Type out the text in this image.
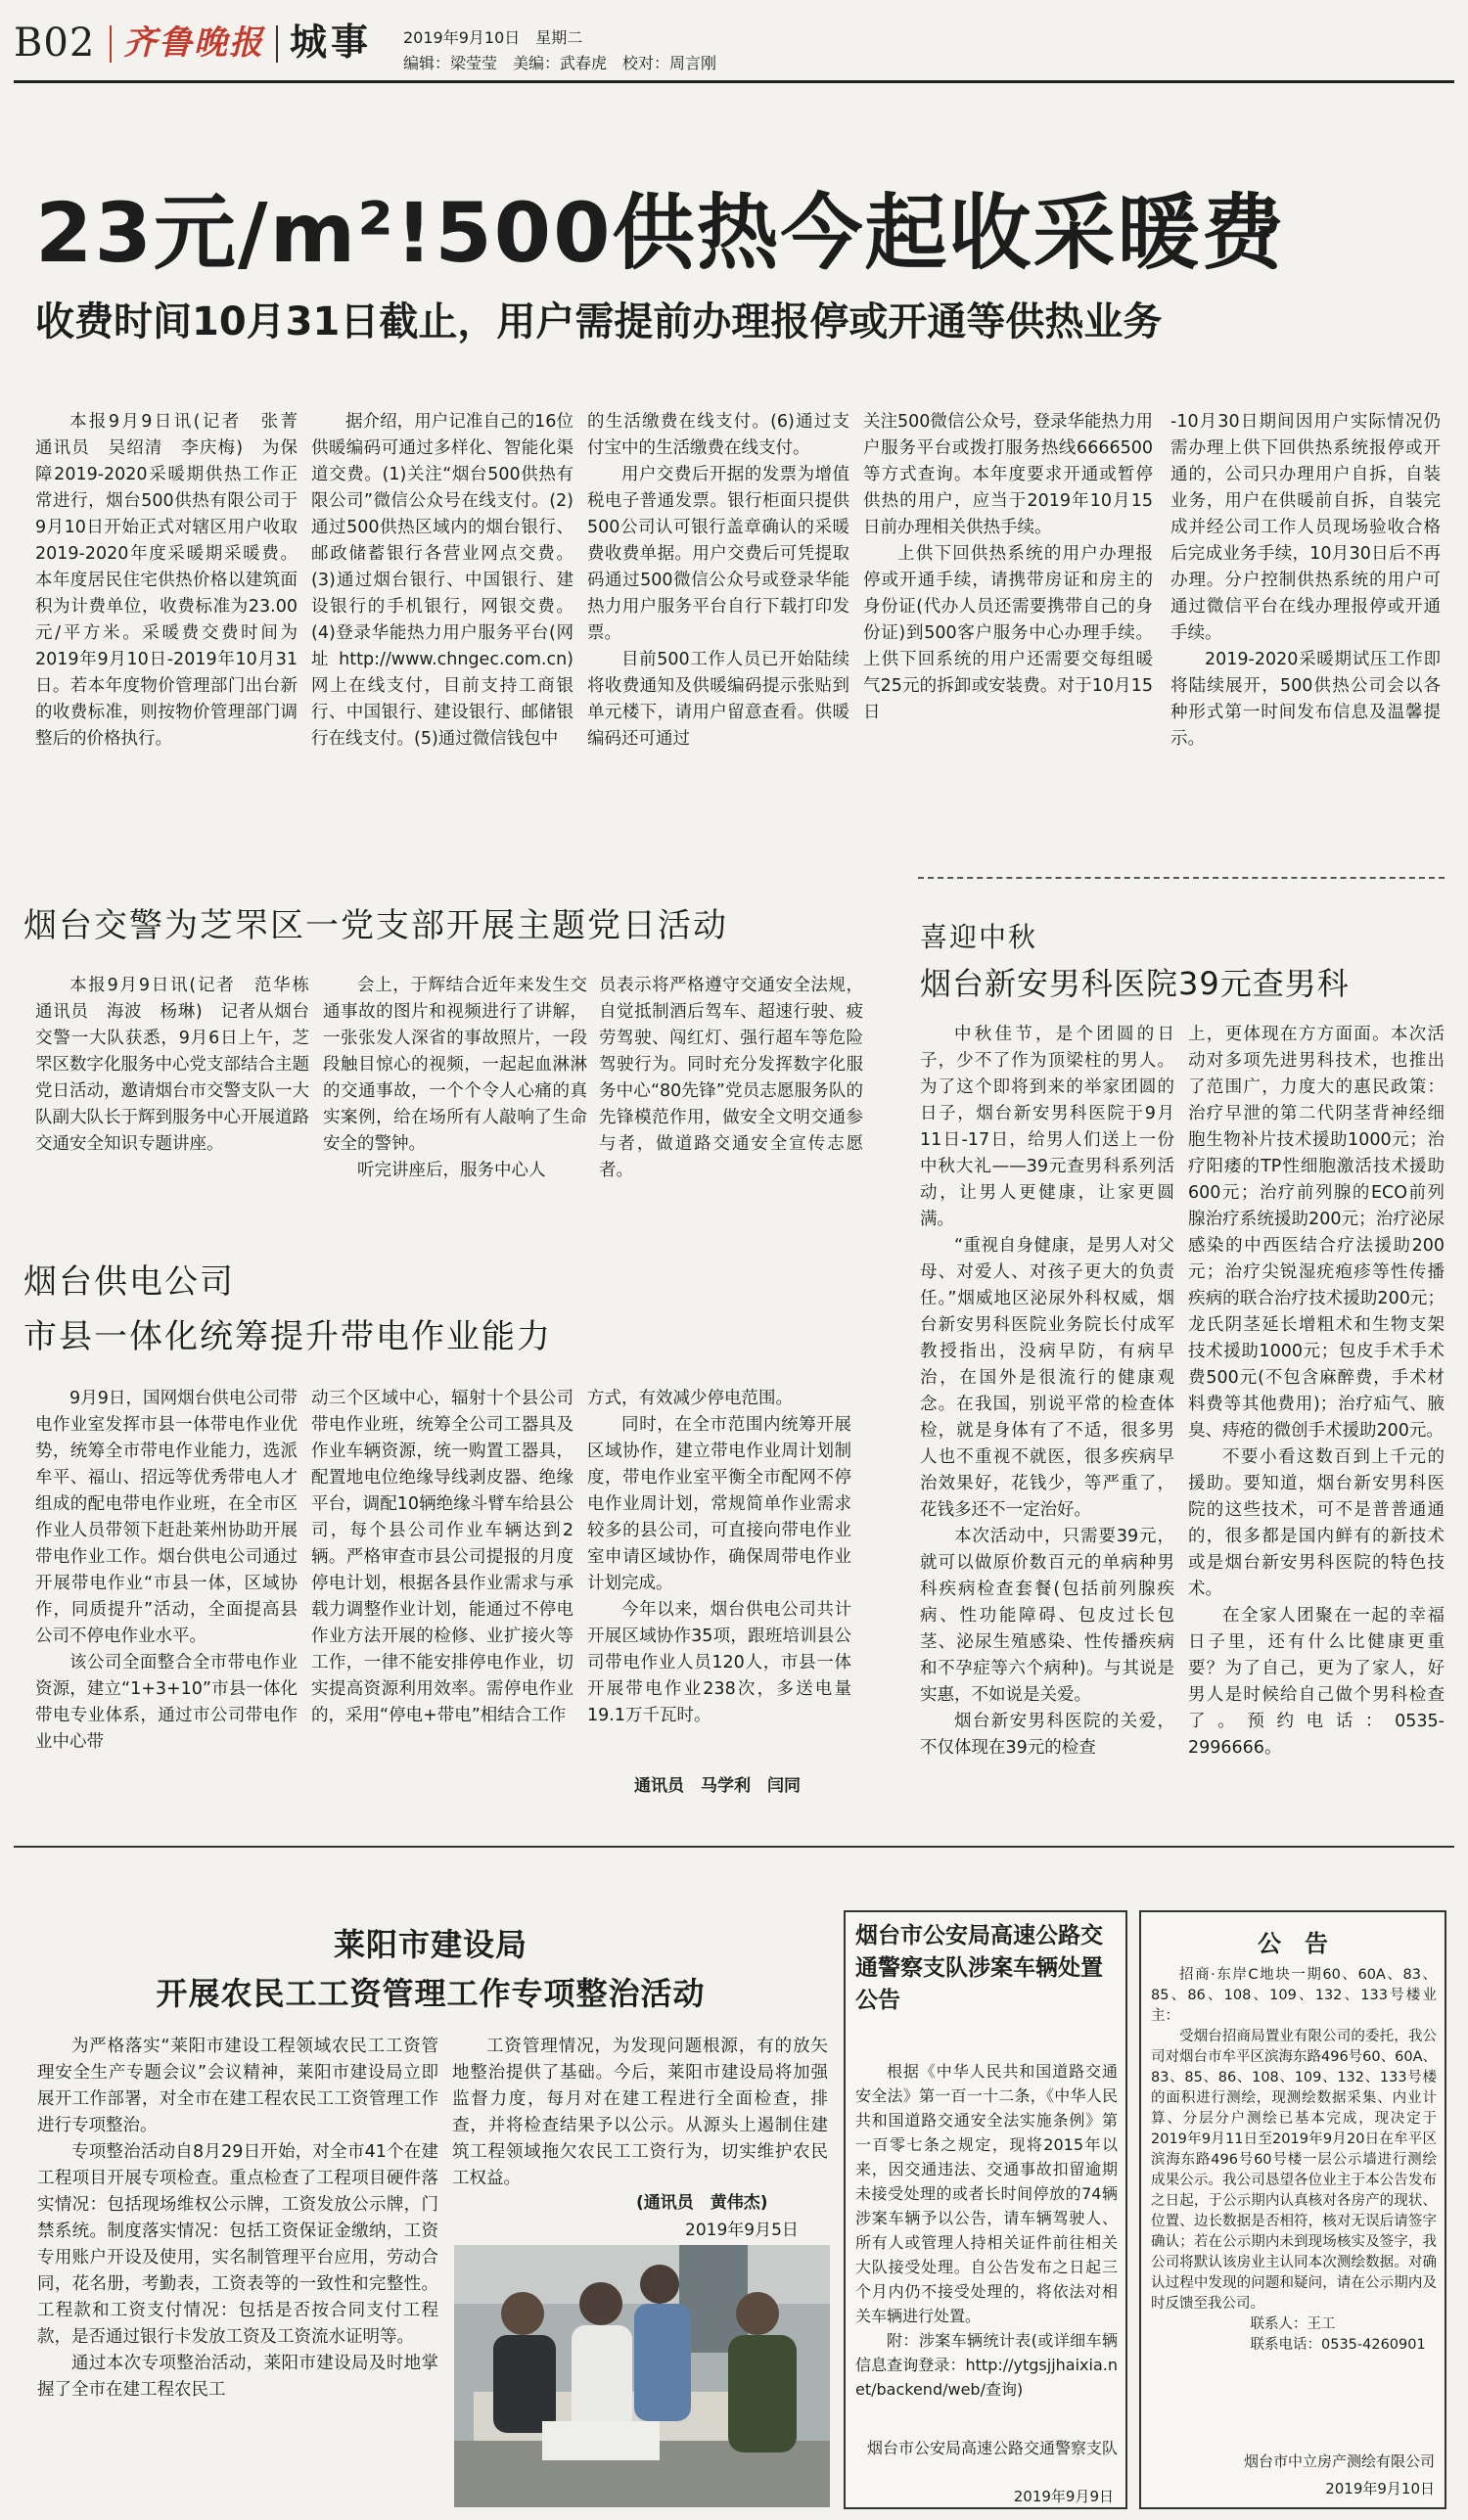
B02 齐鲁晚报 城事 2019年9月10日　星期二
编辑：梁莹莹　美编：武春虎　校对：周言刚
23元/m²!500供热今起收采暖费
收费时间10月31日截止，用户需提前办理报停或开通等供热业务

本报9月9日讯(记者　张菁　通讯员　吴绍清　李庆梅)　为保障2019-2020采暖期供热工作正常进行，烟台500供热有限公司于9月10日开始正式对辖区用户收取2019-2020年度采暖期采暖费。本年度居民住宅供热价格以建筑面积为计费单位，收费标准为23.00元/平方米。采暖费交费时间为2019年9月10日-2019年10月31日。若本年度物价管理部门出台新的收费标准，则按物价管理部门调整后的价格执行。

据介绍，用户记准自己的16位供暖编码可通过多样化、智能化渠道交费。(1)关注“烟台500供热有限公司”微信公众号在线支付。(2)通过500供热区域内的烟台银行、邮政储蓄银行各营业网点交费。(3)通过烟台银行、中国银行、建设银行的手机银行，网银交费。(4)登录华能热力用户服务平台(网址http://www.chngec.com.cn)网上在线支付，目前支持工商银行、中国银行、建设银行、邮储银行在线支付。(5)通过微信钱包中

的生活缴费在线支付。(6)通过支付宝中的生活缴费在线支付。

用户交费后开据的发票为增值税电子普通发票。银行柜面只提供500公司认可银行盖章确认的采暖费收费单据。用户交费后可凭提取码通过500微信公众号或登录华能热力用户服务平台自行下载打印发票。

目前500工作人员已开始陆续将收费通知及供暖编码提示张贴到单元楼下，请用户留意查看。供暖编码还可通过

关注500微信公众号，登录华能热力用户服务平台或拨打服务热线6666500等方式查询。本年度要求开通或暂停供热的用户，应当于2019年10月15日前办理相关供热手续。

上供下回供热系统的用户办理报停或开通手续，请携带房证和房主的身份证(代办人员还需要携带自己的身份证)到500客户服务中心办理手续。上供下回系统的用户还需要交每组暖气25元的拆卸或安装费。对于10月15日

-10月30日期间因用户实际情况仍需办理上供下回供热系统报停或开通的，公司只办理用户自拆，自装业务，用户在供暖前自拆，自装完成并经公司工作人员现场验收合格后完成业务手续，10月30日后不再办理。分户控制供热系统的用户可通过微信平台在线办理报停或开通手续。

2019-2020采暖期试压工作即将陆续展开，500供热公司会以各种形式第一时间发布信息及温馨提示。

烟台交警为芝罘区一党支部开展主题党日活动

本报9月9日讯(记者　范华栋　通讯员　海波　杨琳)　记者从烟台交警一大队获悉，9月6日上午，芝罘区数字化服务中心党支部结合主题党日活动，邀请烟台市交警支队一大队副大队长于辉到服务中心开展道路交通安全知识专题讲座。

会上，于辉结合近年来发生交通事故的图片和视频进行了讲解，一张张发人深省的事故照片，一段段触目惊心的视频，一起起血淋淋的交通事故，一个个令人心痛的真实案例，给在场所有人敲响了生命安全的警钟。

听完讲座后，服务中心人

员表示将严格遵守交通安全法规，自觉抵制酒后驾车、超速行驶、疲劳驾驶、闯红灯、强行超车等危险驾驶行为。同时充分发挥数字化服务中心“80先锋”党员志愿服务队的先锋模范作用，做安全文明交通参与者，做道路交通安全宣传志愿者。

烟台供电公司
市县一体化统筹提升带电作业能力

9月9日，国网烟台供电公司带电作业室发挥市县一体带电作业优势，统筹全市带电作业能力，选派牟平、福山、招远等优秀带电人才组成的配电带电作业班，在全市区作业人员带领下赶赴莱州协助开展带电作业工作。烟台供电公司通过开展带电作业“市县一体，区域协作，同质提升”活动，全面提高县公司不停电作业水平。

该公司全面整合全市带电作业资源，建立“1+3+10”市县一体化带电专业体系，通过市公司带电作业中心带

动三个区域中心，辐射十个县公司带电作业班，统筹全公司工器具及作业车辆资源，统一购置工器具，配置地电位绝缘导线剥皮器、绝缘平台，调配10辆绝缘斗臂车给县公司，每个县公司作业车辆达到2辆。严格审查市县公司提报的月度停电计划，根据各县作业需求与承载力调整作业计划，能通过不停电作业方法开展的检修、业扩接火等工作，一律不能安排停电作业，切实提高资源利用效率。需停电作业的，采用“停电+带电”相结合工作

方式，有效减少停电范围。

同时，在全市范围内统筹开展区域协作，建立带电作业周计划制度，带电作业室平衡全市配网不停电作业周计划，常规简单作业需求较多的县公司，可直接向带电作业室申请区域协作，确保周带电作业计划完成。

今年以来，烟台供电公司共计开展区域协作35项，跟班培训县公司带电作业人员120人，市县一体开展带电作业238次，多送电量19.1万千瓦时。

通讯员　马学利　闫同
喜迎中秋
烟台新安男科医院39元查男科

中秋佳节，是个团圆的日子，少不了作为顶梁柱的男人。为了这个即将到来的举家团圆的日子，烟台新安男科医院于9月11日-17日，给男人们送上一份中秋大礼——39元查男科系列活动，让男人更健康，让家更圆满。

“重视自身健康，是男人对父母、对爱人、对孩子更大的负责任。”烟威地区泌尿外科权威，烟台新安男科医院业务院长付成军教授指出，没病早防，有病早治，在国外是很流行的健康观念。在我国，别说平常的检查体检，就是身体有了不适，很多男人也不重视不就医，很多疾病早治效果好，花钱少，等严重了，花钱多还不一定治好。

本次活动中，只需要39元，就可以做原价数百元的单病种男科疾病检查套餐(包括前列腺疾病、性功能障碍、包皮过长包茎、泌尿生殖感染、性传播疾病和不孕症等六个病种)。与其说是实惠，不如说是关爱。

烟台新安男科医院的关爱，不仅体现在39元的检查

上，更体现在方方面面。本次活动对多项先进男科技术，也推出了范围广，力度大的惠民政策：治疗早泄的第二代阴茎背神经细胞生物补片技术援助1000元；治疗阳痿的TP性细胞激活技术援助600元；治疗前列腺的ECO前列腺治疗系统援助200元；治疗泌尿感染的中西医结合疗法援助200元；治疗尖锐湿疣疱疹等性传播疾病的联合治疗技术援助200元；龙氏阴茎延长增粗术和生物支架技术援助1000元；包皮手术手术费500元(不包含麻醉费，手术材料费等其他费用)；治疗疝气、腋臭、痔疮的微创手术援助200元。

不要小看这数百到上千元的援助。要知道，烟台新安男科医院的这些技术，可不是普普通通的，很多都是国内鲜有的新技术或是烟台新安男科医院的特色技术。

在全家人团聚在一起的幸福日子里，还有什么比健康更重要？为了自己，更为了家人，好男人是时候给自己做个男科检查了。预约电话：0535-2996666。

莱阳市建设局
开展农民工工资管理工作专项整治活动

为严格落实“莱阳市建设工程领域农民工工资管理安全生产专题会议”会议精神，莱阳市建设局立即展开工作部署，对全市在建工程农民工工资管理工作进行专项整治。

专项整治活动自8月29日开始，对全市41个在建工程项目开展专项检查。重点检查了工程项目硬件落实情况：包括现场维权公示牌，工资发放公示牌，门禁系统。制度落实情况：包括工资保证金缴纳，工资专用账户开设及使用，实名制管理平台应用，劳动合同，花名册，考勤表，工资表等的一致性和完整性。工程款和工资支付情况：包括是否按合同支付工程款，是否通过银行卡发放工资及工资流水证明等。

通过本次专项整治活动，莱阳市建设局及时地掌握了全市在建工程农民工

工资管理情况，为发现问题根源，有的放矢地整治提供了基础。今后，莱阳市建设局将加强监督力度，每月对在建工程进行全面检查，排查，并将检查结果予以公示。从源头上遏制住建筑工程领域拖欠农民工工资行为，切实维护农民工权益。

(通讯员　黄伟杰)
2019年9月5日
烟台市公安局高速公路交通警察支队涉案车辆处置公告

根据《中华人民共和国道路交通安全法》第一百一十二条，《中华人民共和国道路交通安全法实施条例》第一百零七条之规定，现将2015年以来，因交通违法、交通事故扣留逾期未接受处理的或者长时间停放的74辆涉案车辆予以公告，请车辆驾驶人、所有人或管理人持相关证件前往相关大队接受处理。自公告发布之日起三个月内仍不接受处理的，将依法对相关车辆进行处置。

附：涉案车辆统计表(或详细车辆信息查询登录：http://ytgsjjhaixia.net/backend/web/查询)

烟台市公安局高速公路交通警察支队
2019年9月9日
公　告

招商·东岸C地块一期60、60A、83、85、86、108、109、132、133号楼业主：

受烟台招商局置业有限公司的委托，我公司对烟台市牟平区滨海东路496号60、60A、83、85、86、108、109、132、133号楼的面积进行测绘，现测绘数据采集、内业计算、分层分户测绘已基本完成，现决定于2019年9月11日至2019年9月20日在牟平区滨海东路496号60号楼一层公示墙进行测绘成果公示。我公司恳望各位业主于本公告发布之日起，于公示期内认真核对各房产的现状、位置、边长数据是否相符，核对无误后请签字确认；若在公示期内未到现场核实及签字，我公司将默认该房业主认同本次测绘数据。对确认过程中发现的问题和疑问，请在公示期内及时反馈至我公司。

联系人：王工

联系电话：0535-4260901

烟台市中立房产测绘有限公司
2019年9月10日
